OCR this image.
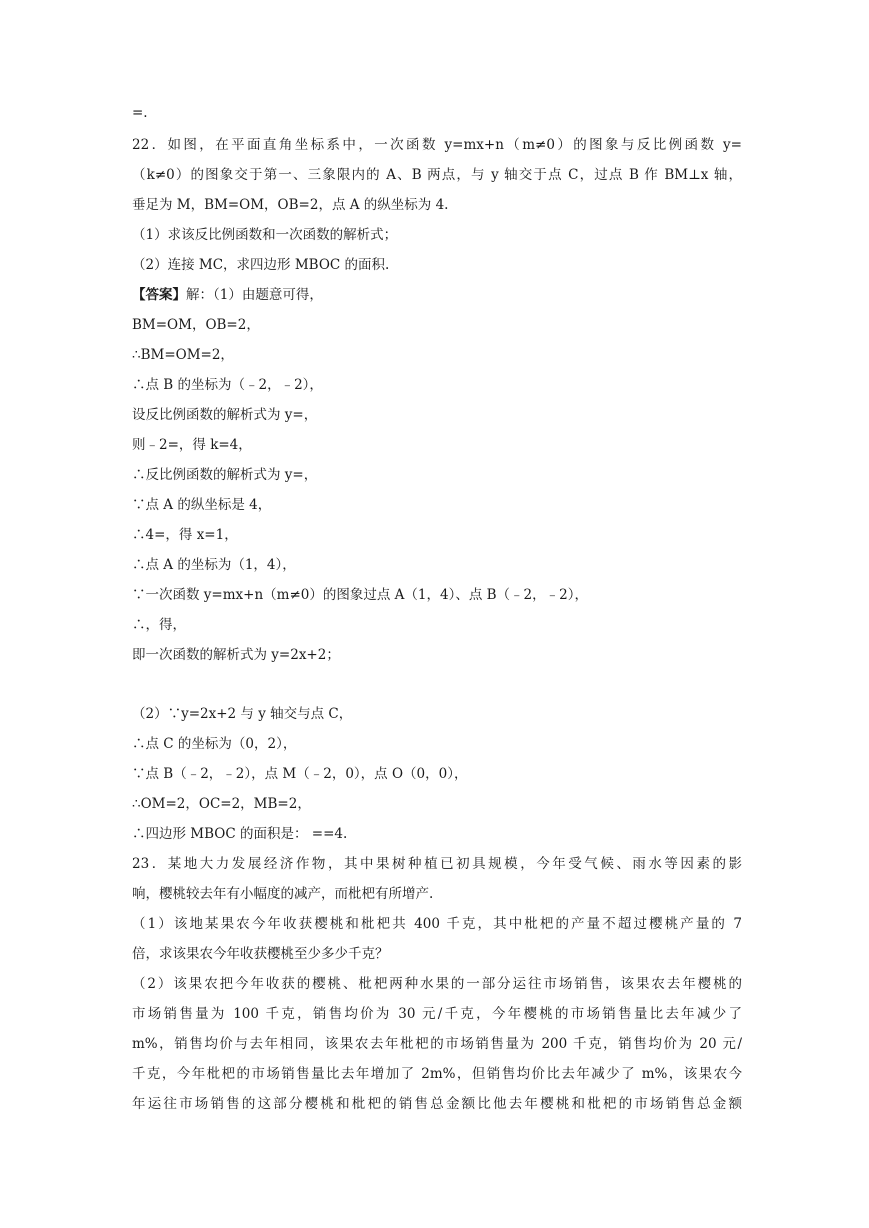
=.
22．如图，在平面直角坐标系中，一次函数 y=mx+n（m≠0）的图象与反比例函数 y=
（k≠0）的图象交于第一、三象限内的 A、B 两点，与 y 轴交于点 C，过点 B 作 BM⊥x 轴，
垂足为 M，BM=OM，OB=2，点 A 的纵坐标为 4.
（1）求该反比例函数和一次函数的解析式；
（2）连接 MC，求四边形 MBOC 的面积.
【答案】解：（1）由题意可得，
BM=OM，OB=2，
∴BM=OM=2，
∴点 B 的坐标为（﹣2，﹣2），
设反比例函数的解析式为 y=，
则﹣2=，得 k=4，
∴反比例函数的解析式为 y=，
∵点 A 的纵坐标是 4，
∴4=，得 x=1，
∴点 A 的坐标为（1，4），
∵一次函数 y=mx+n（m≠0）的图象过点 A（1，4）、点 B（﹣2，﹣2），
∴，得，
即一次函数的解析式为 y=2x+2；
（2）∵y=2x+2 与 y 轴交与点 C，
∴点 C 的坐标为（0，2），
∵点 B（﹣2，﹣2），点 M（﹣2，0），点 O（0，0），
∴OM=2，OC=2，MB=2，
∴四边形 MBOC 的面积是： ==4.
23．某地大力发展经济作物，其中果树种植已初具规模，今年受气候、雨水等因素的影
响，樱桃较去年有小幅度的减产，而枇杷有所增产.
（1）该地某果农今年收获樱桃和枇杷共 400 千克，其中枇杷的产量不超过樱桃产量的 7
倍，求该果农今年收获樱桃至少多少千克？
（2）该果农把今年收获的樱桃、枇杷两种水果的一部分运往市场销售，该果农去年樱桃的
市场销售量为 100 千克，销售均价为 30 元/千克，今年樱桃的市场销售量比去年减少了
m%，销售均价与去年相同，该果农去年枇杷的市场销售量为 200 千克，销售均价为 20 元/
千克，今年枇杷的市场销售量比去年增加了 2m%，但销售均价比去年减少了 m%，该果农今
年运往市场销售的这部分樱桃和枇杷的销售总金额比他去年樱桃和枇杷的市场销售总金额
